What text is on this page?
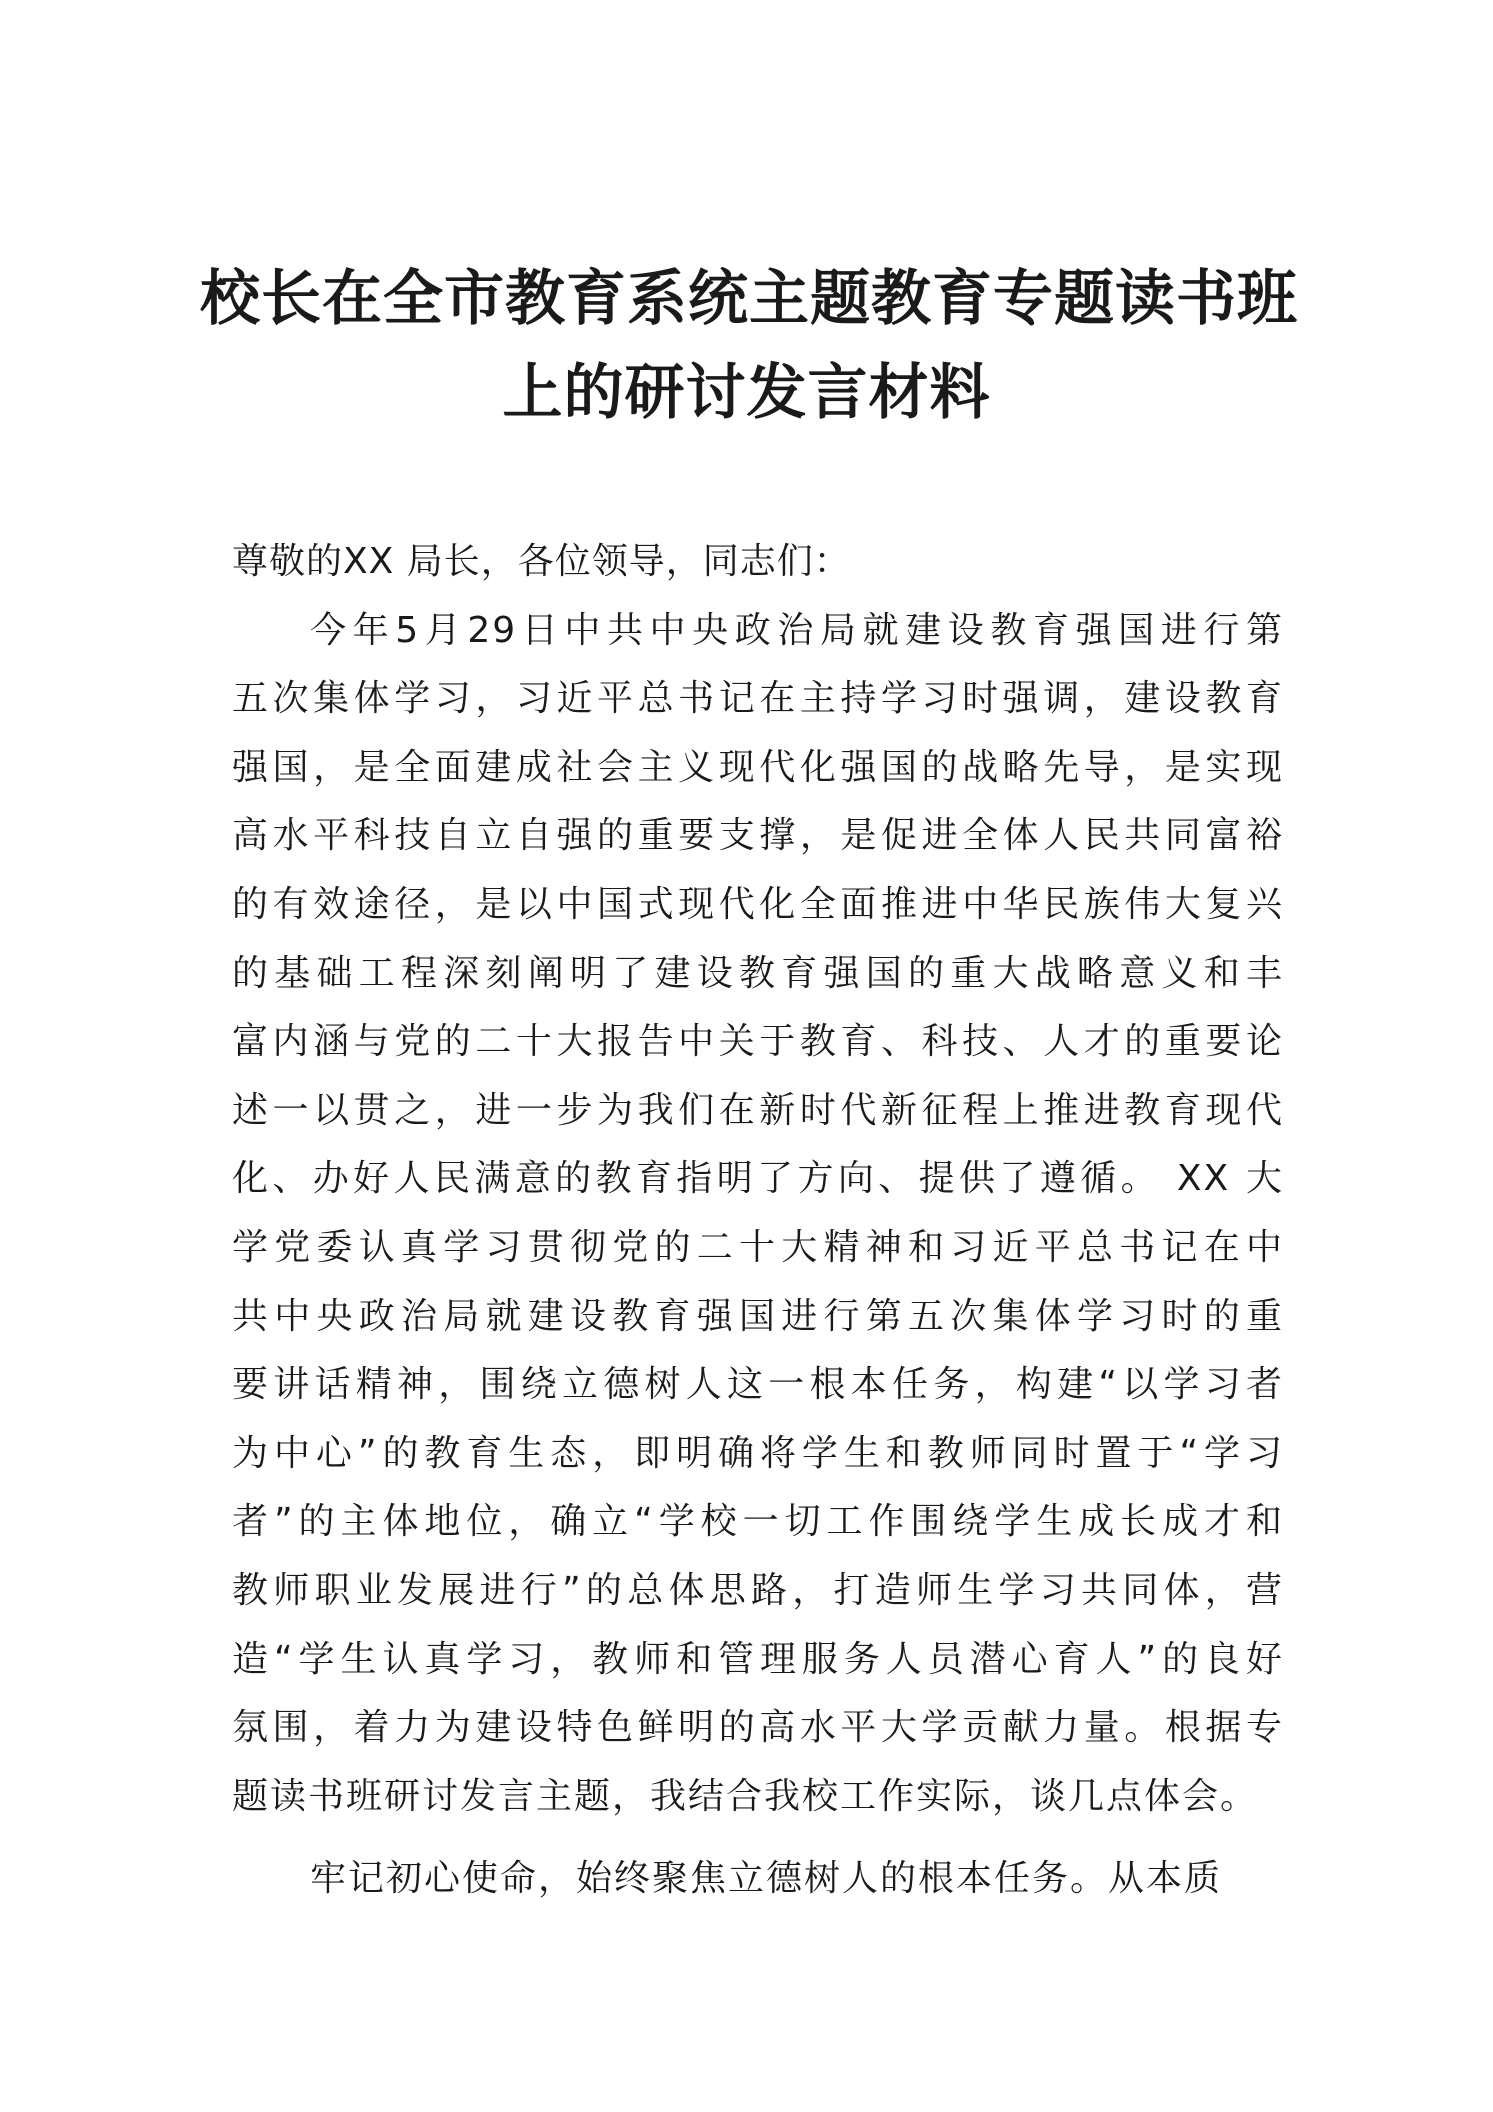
校长在全市教育系统主题教育专题读书班
上的研讨发言材料

尊敬的XX 局长，各位领导，同志们：

今年5月29日中共中央政治局就建设教育强国进行第
五次集体学习，习近平总书记在主持学习时强调，建设教育
强国，是全面建成社会主义现代化强国的战略先导，是实现
高水平科技自立自强的重要支撑，是促进全体人民共同富裕
的有效途径，是以中国式现代化全面推进中华民族伟大复兴
的基础工程深刻阐明了建设教育强国的重大战略意义和丰
富内涵与党的二十大报告中关于教育、科技、人才的重要论
述一以贯之，进一步为我们在新时代新征程上推进教育现代
化、办好人民满意的教育指明了方向、提供了遵循。 XX 大
学党委认真学习贯彻党的二十大精神和习近平总书记在中
共中央政治局就建设教育强国进行第五次集体学习时的重
要讲话精神，围绕立德树人这一根本任务，构建“以学习者
为中心”的教育生态，即明确将学生和教师同时置于“学习
者”的主体地位，确立“学校一切工作围绕学生成长成才和
教师职业发展进行”的总体思路，打造师生学习共同体，营
造“学生认真学习，教师和管理服务人员潜心育人”的良好
氛围，着力为建设特色鲜明的高水平大学贡献力量。根据专
题读书班研讨发言主题，我结合我校工作实际，谈几点体会。
牢记初心使命，始终聚焦立德树人的根本任务。从本质
